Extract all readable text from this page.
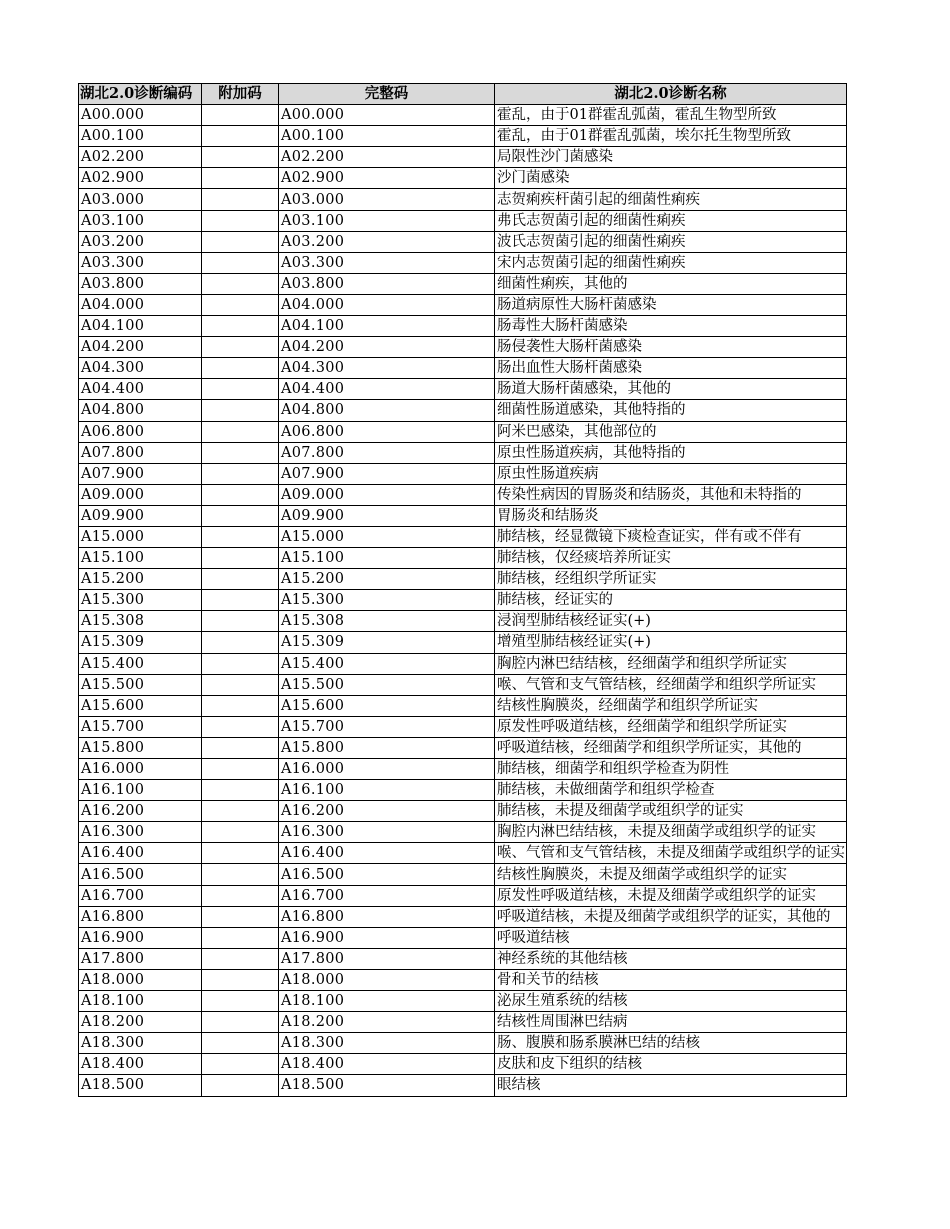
湖北2.0诊断编码	附加码	完整码	湖北2.0诊断名称
A00.000		A00.000	霍乱，由于01群霍乱弧菌，霍乱生物型所致
A00.100		A00.100	霍乱，由于01群霍乱弧菌，埃尔托生物型所致
A02.200		A02.200	局限性沙门菌感染
A02.900		A02.900	沙门菌感染
A03.000		A03.000	志贺痢疾杆菌引起的细菌性痢疾
A03.100		A03.100	弗氏志贺菌引起的细菌性痢疾
A03.200		A03.200	波氏志贺菌引起的细菌性痢疾
A03.300		A03.300	宋内志贺菌引起的细菌性痢疾
A03.800		A03.800	细菌性痢疾，其他的
A04.000		A04.000	肠道病原性大肠杆菌感染
A04.100		A04.100	肠毒性大肠杆菌感染
A04.200		A04.200	肠侵袭性大肠杆菌感染
A04.300		A04.300	肠出血性大肠杆菌感染
A04.400		A04.400	肠道大肠杆菌感染，其他的
A04.800		A04.800	细菌性肠道感染，其他特指的
A06.800		A06.800	阿米巴感染，其他部位的
A07.800		A07.800	原虫性肠道疾病，其他特指的
A07.900		A07.900	原虫性肠道疾病
A09.000		A09.000	传染性病因的胃肠炎和结肠炎，其他和未特指的
A09.900		A09.900	胃肠炎和结肠炎
A15.000		A15.000	肺结核，经显微镜下痰检查证实，伴有或不伴有
A15.100		A15.100	肺结核，仅经痰培养所证实
A15.200		A15.200	肺结核，经组织学所证实
A15.300		A15.300	肺结核，经证实的
A15.308		A15.308	浸润型肺结核经证实(+)
A15.309		A15.309	增殖型肺结核经证实(+)
A15.400		A15.400	胸腔内淋巴结结核，经细菌学和组织学所证实
A15.500		A15.500	喉、气管和支气管结核，经细菌学和组织学所证实
A15.600		A15.600	结核性胸膜炎，经细菌学和组织学所证实
A15.700		A15.700	原发性呼吸道结核，经细菌学和组织学所证实
A15.800		A15.800	呼吸道结核，经细菌学和组织学所证实，其他的
A16.000		A16.000	肺结核，细菌学和组织学检查为阴性
A16.100		A16.100	肺结核，未做细菌学和组织学检查
A16.200		A16.200	肺结核，未提及细菌学或组织学的证实
A16.300		A16.300	胸腔内淋巴结结核，未提及细菌学或组织学的证实
A16.400		A16.400	喉、气管和支气管结核，未提及细菌学或组织学的证实
A16.500		A16.500	结核性胸膜炎，未提及细菌学或组织学的证实
A16.700		A16.700	原发性呼吸道结核，未提及细菌学或组织学的证实
A16.800		A16.800	呼吸道结核，未提及细菌学或组织学的证实，其他的
A16.900		A16.900	呼吸道结核
A17.800		A17.800	神经系统的其他结核
A18.000		A18.000	骨和关节的结核
A18.100		A18.100	泌尿生殖系统的结核
A18.200		A18.200	结核性周围淋巴结病
A18.300		A18.300	肠、腹膜和肠系膜淋巴结的结核
A18.400		A18.400	皮肤和皮下组织的结核
A18.500		A18.500	眼结核
